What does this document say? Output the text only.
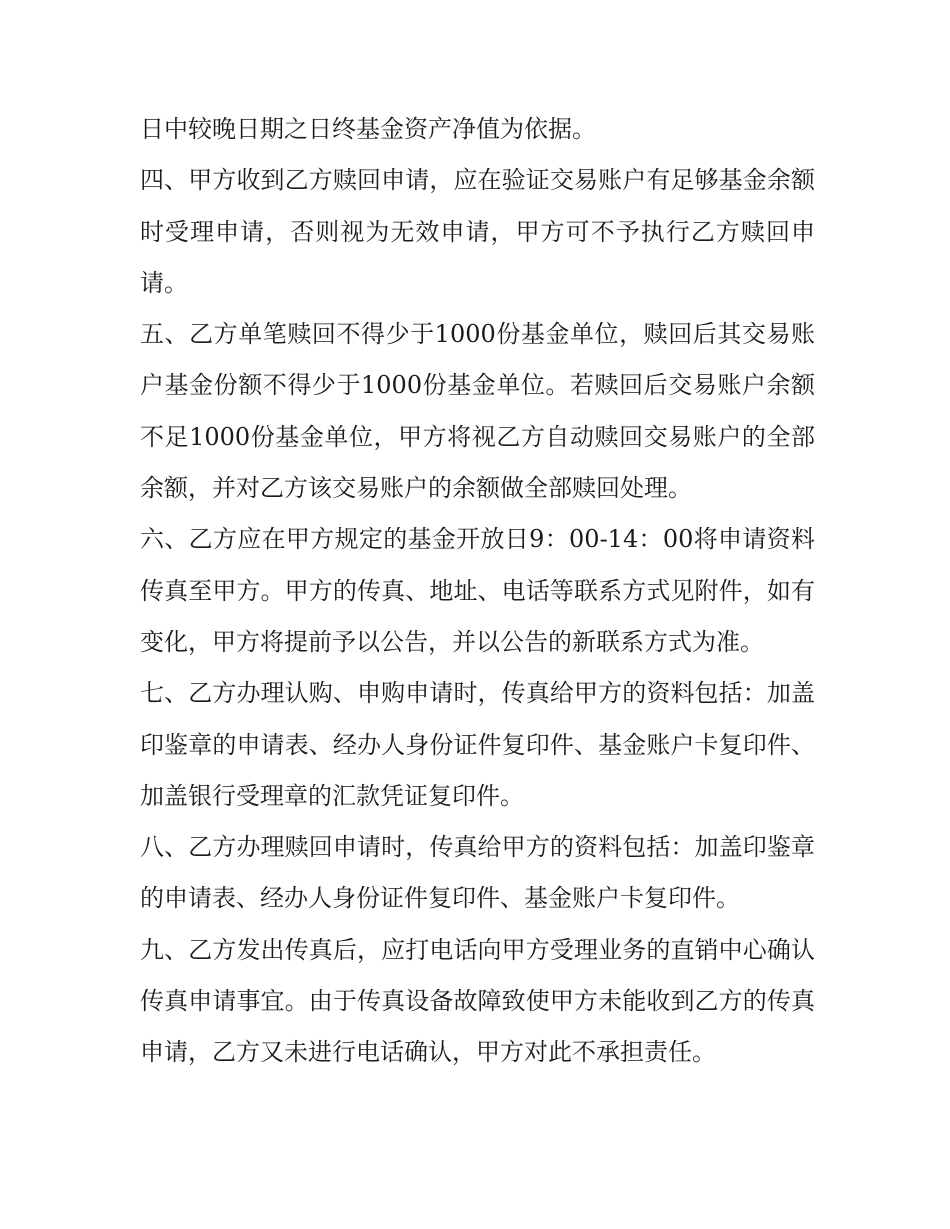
日中较晚日期之日终基金资产净值为依据。

四、甲方收到乙方赎回申请，应在验证交易账户有足够基金余额时受理申请，否则视为无效申请，甲方可不予执行乙方赎回申请。

五、乙方单笔赎回不得少于1000份基金单位，赎回后其交易账户基金份额不得少于1000份基金单位。若赎回后交易账户余额不足1000份基金单位，甲方将视乙方自动赎回交易账户的全部余额，并对乙方该交易账户的余额做全部赎回处理。

六、乙方应在甲方规定的基金开放日9：00-14：00将申请资料传真至甲方。甲方的传真、地址、电话等联系方式见附件，如有变化，甲方将提前予以公告，并以公告的新联系方式为准。

七、乙方办理认购、申购申请时，传真给甲方的资料包括：加盖印鉴章的申请表、经办人身份证件复印件、基金账户卡复印件、加盖银行受理章的汇款凭证复印件。

八、乙方办理赎回申请时，传真给甲方的资料包括：加盖印鉴章的申请表、经办人身份证件复印件、基金账户卡复印件。

九、乙方发出传真后，应打电话向甲方受理业务的直销中心确认传真申请事宜。由于传真设备故障致使甲方未能收到乙方的传真申请，乙方又未进行电话确认，甲方对此不承担责任。
